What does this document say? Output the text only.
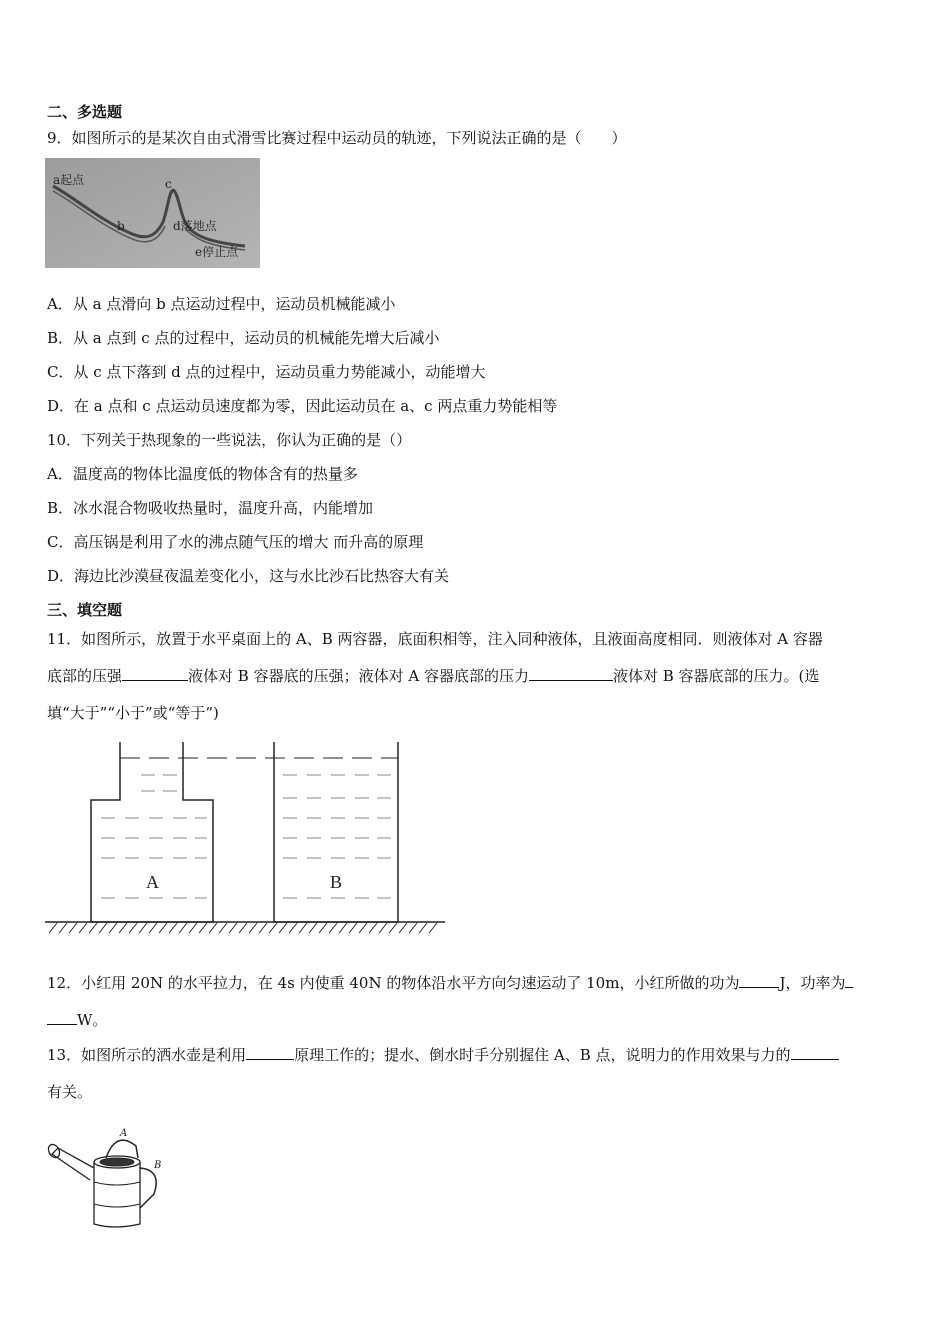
二、多选题
9．如图所示的是某次自由式滑雪比赛过程中运动员的轨迹，下列说法正确的是（　　）
a起点
b
c
d落地点
e停止点
A．从 a 点滑向 b 点运动过程中，运动员机械能减小
B．从 a 点到 c 点的过程中，运动员的机械能先增大后减小
C．从 c 点下落到 d 点的过程中，运动员重力势能减小，动能增大
D．在 a 点和 c 点运动员速度都为零，因此运动员在 a、c 两点重力势能相等
10．下列关于热现象的一些说法，你认为正确的是（）
A．温度高的物体比温度低的物体含有的热量多
B．冰水混合物吸收热量时，温度升高，内能增加
C．高压锅是利用了水的沸点随气压的增大 而升高的原理
D．海边比沙漠昼夜温差变化小，这与水比沙石比热容大有关
三、填空题
11．如图所示，放置于水平桌面上的 A、B 两容器，底面积相等，注入同种液体，且液面高度相同．则液体对 A 容器
底部的压强	液体对 B 容器底的压强；液体对 A 容器底部的压力	液体对 B 容器底部的压力。(选
填“大于”“小于”或“等于”)
A	B
12．小红用 20N 的水平拉力，在 4s 内使重 40N 的物体沿水平方向匀速运动了 10m，小红所做的功为	J，功率为
W。
13．如图所示的洒水壶是利用	原理工作的；提水、倒水时手分别握住 A、B 点，说明力的作用效果与力的
有关。
A
B
